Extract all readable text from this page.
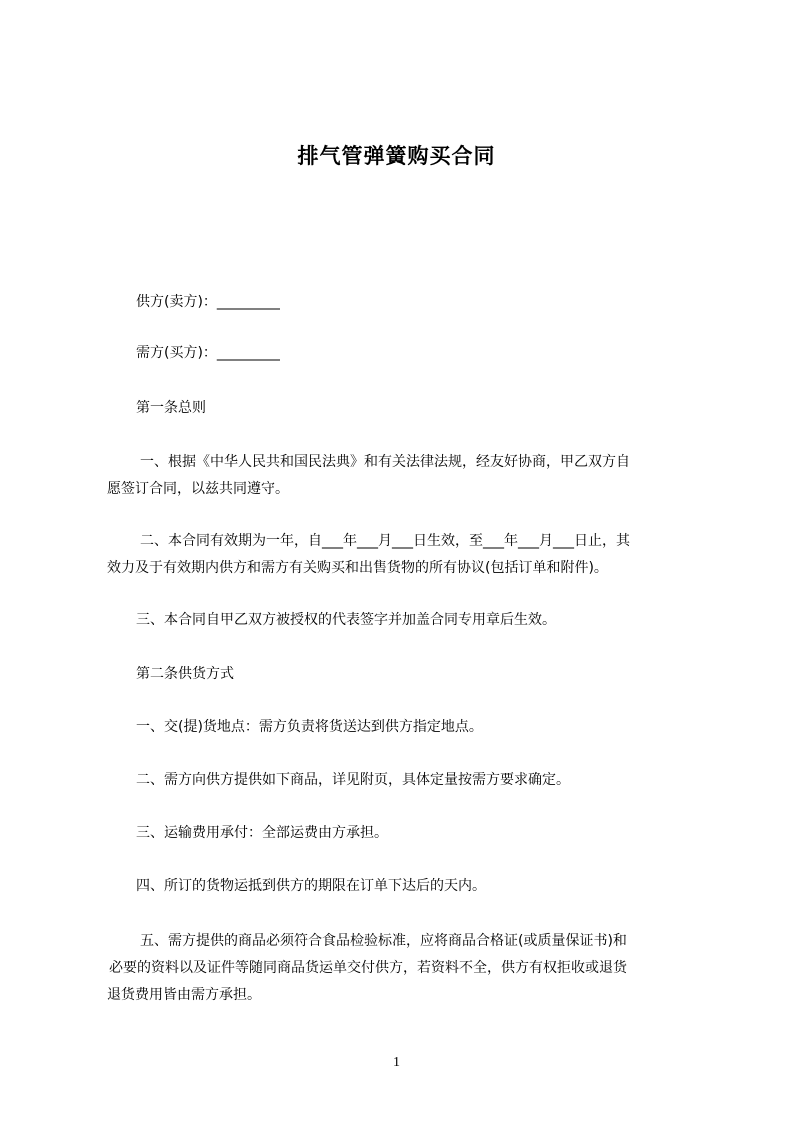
排气管弹簧购买合同
供方(卖方)：_________
需方(买方)：_________
第一条总则
一、根据《中华人民共和国民法典》和有关法律法规，经友好协商，甲乙双方自
愿签订合同，以兹共同遵守。
二、本合同有效期为一年，自___年___月___日生效，至___年___月___日止，其
效力及于有效期内供方和需方有关购买和出售货物的所有协议(包括订单和附件)。
三、本合同自甲乙双方被授权的代表签字并加盖合同专用章后生效。
第二条供货方式
一、交(提)货地点：需方负责将货送达到供方指定地点。
二、需方向供方提供如下商品，详见附页，具体定量按需方要求确定。
三、运输费用承付：全部运费由方承担。
四、所订的货物运抵到供方的期限在订单下达后的天内。
五、需方提供的商品必须符合食品检验标准，应将商品合格证(或质量保证书)和
必要的资料以及证件等随同商品货运单交付供方，若资料不全，供方有权拒收或退货
退货费用皆由需方承担。
1
